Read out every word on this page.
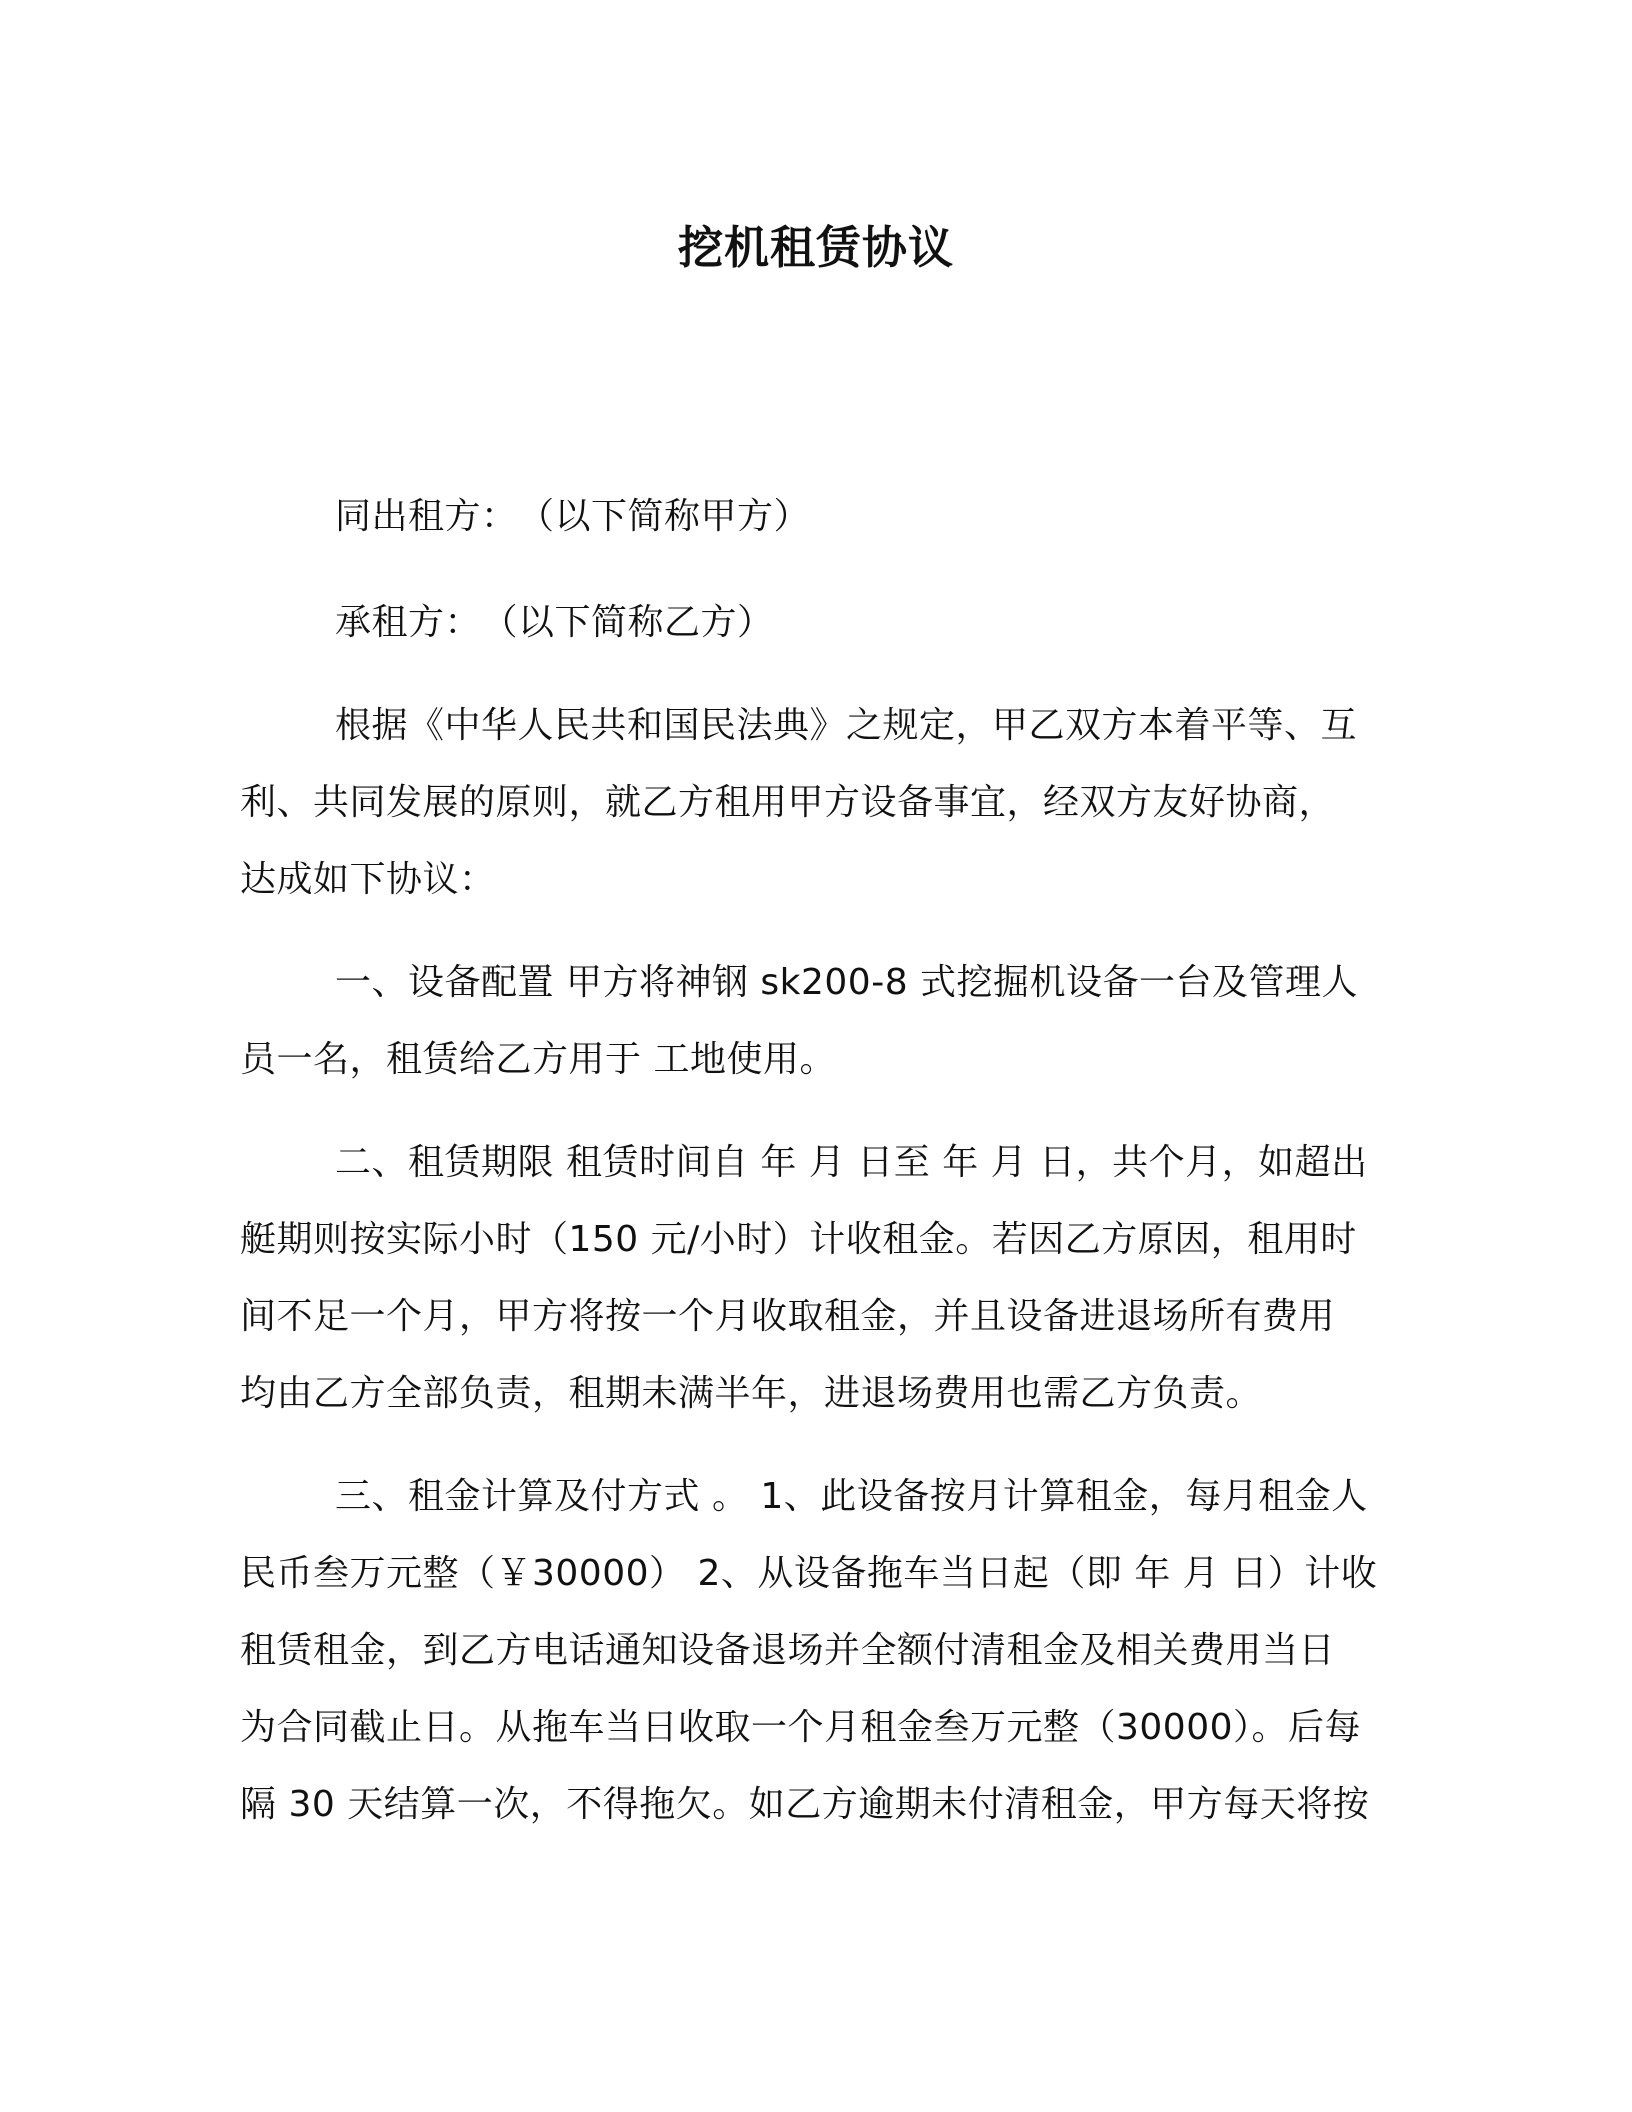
挖机租赁协议
同出租方：　（以下简称甲方）
承租方：　（以下简称乙方）
根据《中华人民共和国民法典》之规定，甲乙双方本着平等、互
利、共同发展的原则，就乙方租用甲方设备事宜，经双方友好协商，
达成如下协议：
一、设备配置 甲方将神钢 sk200-8 式挖掘机设备一台及管理人
员一名，租赁给乙方用于 工地使用。
二、租赁期限 租赁时间自 年 月 日至 年 月 日，共个月，如超出
艇期则按实际小时（150 元/小时）计收租金。若因乙方原因，租用时
间不足一个月，甲方将按一个月收取租金，并且设备进退场所有费用
均由乙方全部负责，租期未满半年，进退场费用也需乙方负责。
三、租金计算及付方式 。 1、此设备按月计算租金，每月租金人
民币叁万元整（￥30000） 2、从设备拖车当日起（即 年 月 日）计收
租赁租金，到乙方电话通知设备退场并全额付清租金及相关费用当日
为合同截止日。从拖车当日收取一个月租金叁万元整（30000）。后每
隔 30 天结算一次，不得拖欠。如乙方逾期未付清租金，甲方每天将按
